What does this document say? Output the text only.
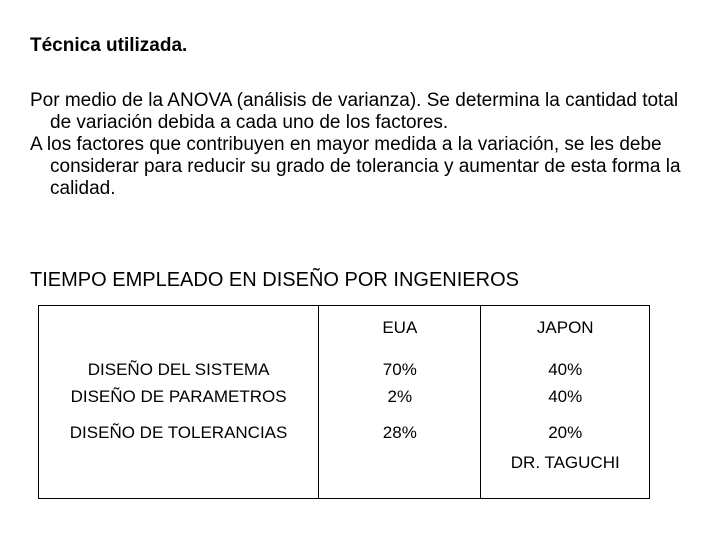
Técnica utilizada.

Por medio de la ANOVA (análisis de varianza). Se determina la cantidad total de variación debida a cada uno de los factores.

A los factores que contribuyen en mayor medida a la variación, se les debe considerar para reducir su grado de tolerancia y aumentar de esta forma la calidad.

TIEMPO EMPLEADO EN DISEÑO POR INGENIEROS
	EUA	JAPON
DISEÑO DEL SISTEMA	70%	40%
DISEÑO DE PARAMETROS	2%	40%
DISEÑO DE TOLERANCIAS	28%	20%
		DR. TAGUCHI
